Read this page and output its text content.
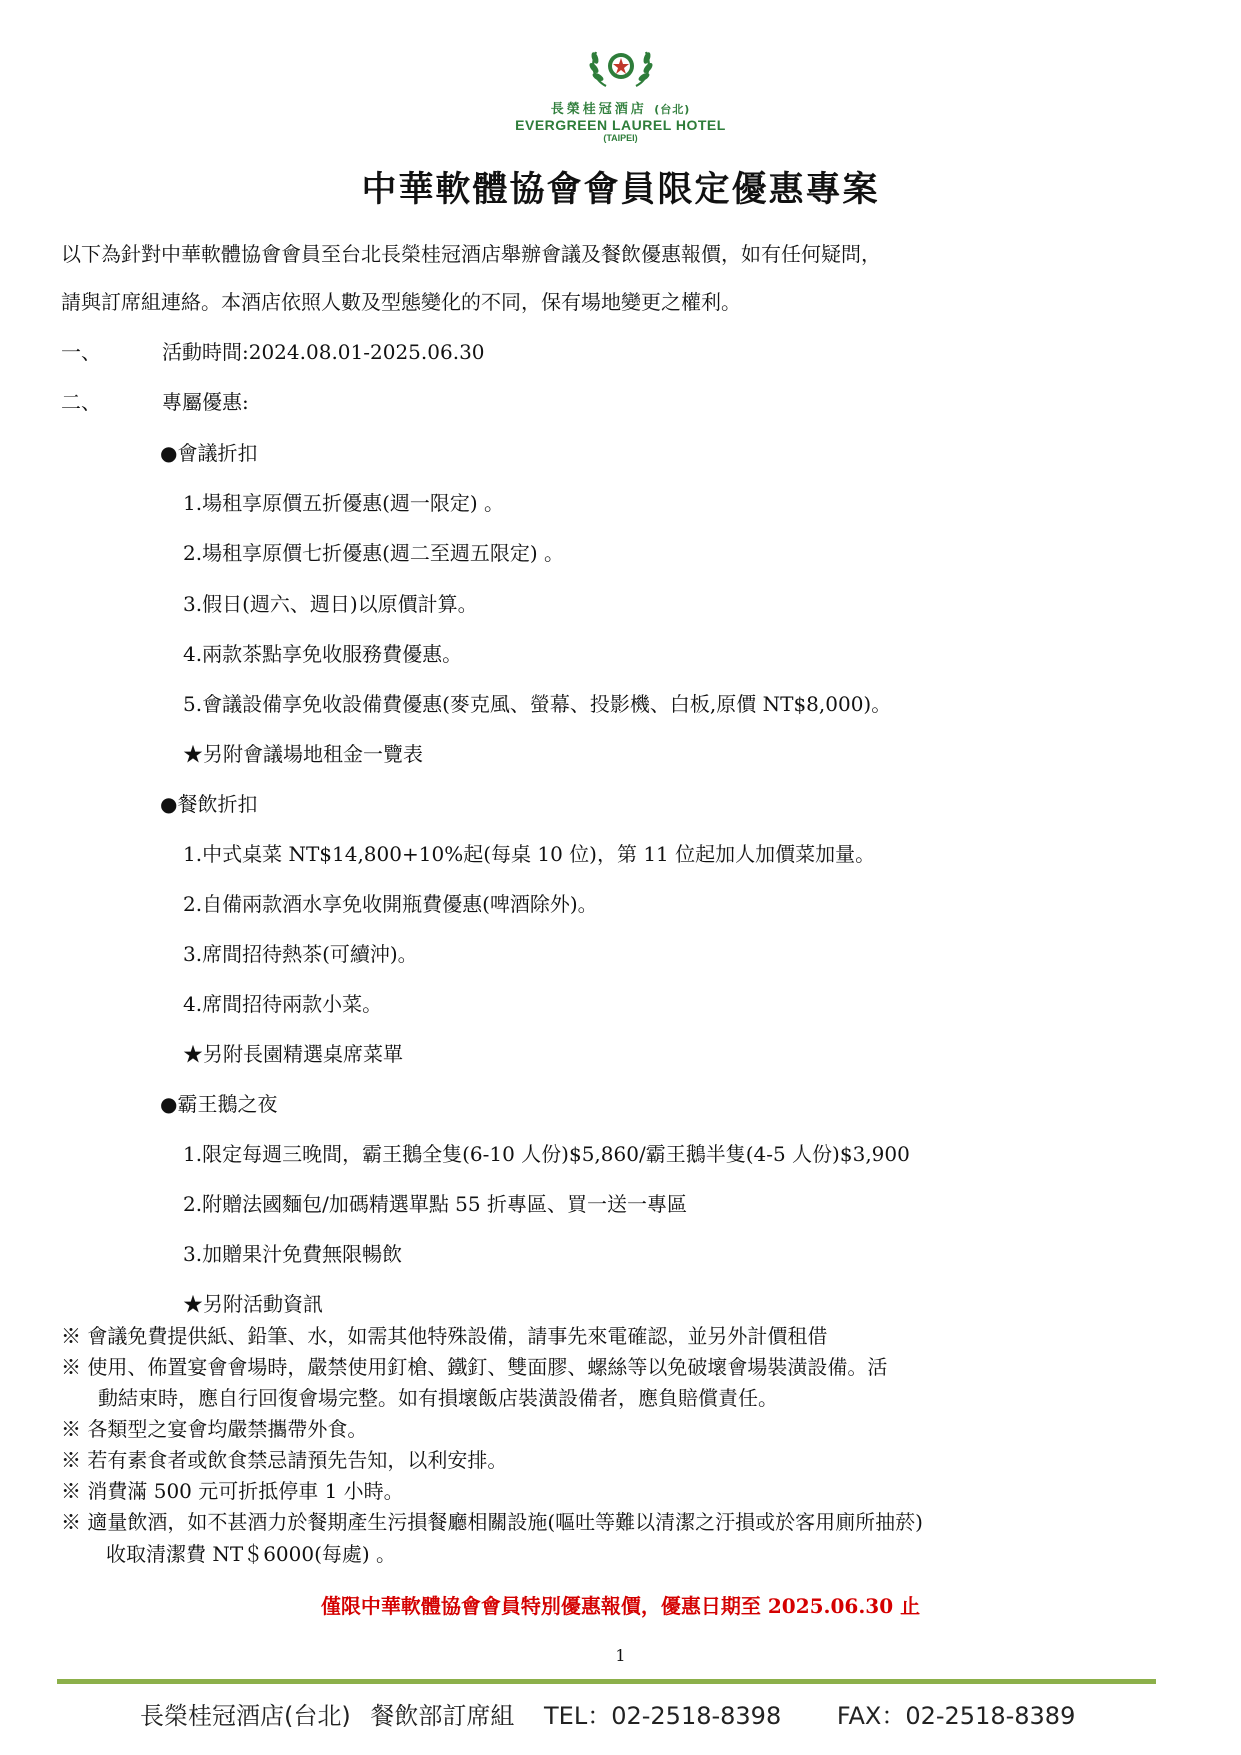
長榮桂冠酒店 (台北)
EVERGREEN LAUREL HOTEL
(TAIPEI)
中華軟體協會會員限定優惠專案
以下為針對中華軟體協會會員至台北長榮桂冠酒店舉辦會議及餐飲優惠報價，如有任何疑問，
請與訂席組連絡。本酒店依照人數及型態變化的不同，保有場地變更之權利。
一、	活動時間:2024.08.01-2025.06.30
二、	專屬優惠:
●會議折扣
1.場租享原價五折優惠(週一限定) 。
2.場租享原價七折優惠(週二至週五限定) 。
3.假日(週六、週日)以原價計算。
4.兩款茶點享免收服務費優惠。
5.會議設備享免收設備費優惠(麥克風、螢幕、投影機、白板,原價 NT$8,000)。
★另附會議場地租金一覽表
●餐飲折扣
1.中式桌菜 NT$14,800+10%起(每桌 10 位)，第 11 位起加人加價菜加量。
2.自備兩款酒水享免收開瓶費優惠(啤酒除外)。
3.席間招待熱茶(可續沖)。
4.席間招待兩款小菜。
★另附長園精選桌席菜單
●霸王鵝之夜
1.限定每週三晚間，霸王鵝全隻(6-10 人份)$5,860/霸王鵝半隻(4-5 人份)$3,900
2.附贈法國麵包/加碼精選單點 55 折專區、買一送一專區
3.加贈果汁免費無限暢飲
★另附活動資訊
※ 會議免費提供紙、鉛筆、水，如需其他特殊設備，請事先來電確認，並另外計價租借
※ 使用、佈置宴會會場時，嚴禁使用釘槍、鐵釘、雙面膠、螺絲等以免破壞會場裝潢設備。活
動結束時，應自行回復會場完整。如有損壞飯店裝潢設備者，應負賠償責任。
※ 各類型之宴會均嚴禁攜帶外食。
※ 若有素食者或飲食禁忌請預先告知，以利安排。
※ 消費滿 500 元可折抵停車 1 小時。
※ 適量飲酒，如不甚酒力於餐期產生污損餐廳相關設施(嘔吐等難以清潔之汙損或於客用廁所抽菸)
收取清潔費 NT＄6000(每處) 。
僅限中華軟體協會會員特別優惠報價，優惠日期至 2025.06.30 止
1
長榮桂冠酒店(台北) 餐飲部訂席組 TEL：02-2518-8398 FAX：02-2518-8389
